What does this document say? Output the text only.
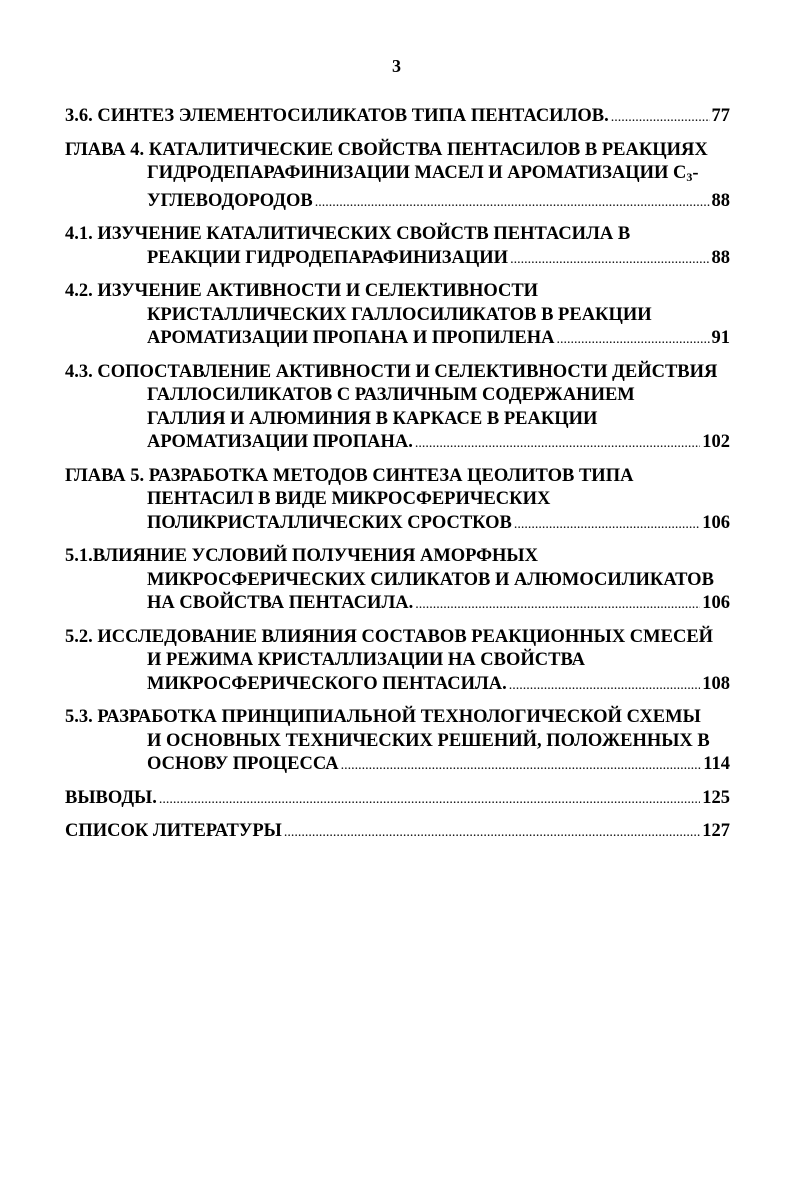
3
3.6. СИНТЕЗ ЭЛЕМЕНТОСИЛИКАТОВ ТИПА ПЕНТАСИЛОВ. .....	77
ГЛАВА 4. КАТАЛИТИЧЕСКИЕ СВОЙСТВА ПЕНТАСИЛОВ В РЕАКЦИЯХ
ГИДРОДЕПАРАФИНИЗАЦИИ МАСЕЛ И АРОМАТИЗАЦИИ $С_3-$
УГЛЕВОДОРОДОВ .....	88
4.1. ИЗУЧЕНИЕ КАТАЛИТИЧЕСКИХ СВОЙСТВ ПЕНТАСИЛА В
РЕАКЦИИ ГИДРОДЕПАРАФИНИЗАЦИИ .....	88
4.2. ИЗУЧЕНИЕ АКТИВНОСТИ И СЕЛЕКТИВНОСТИ
КРИСТАЛЛИЧЕСКИХ ГАЛЛОСИЛИКАТОВ В РЕАКЦИИ
АРОМАТИЗАЦИИ ПРОПАНА И ПРОПИЛЕНА .....	91
4.3. СОПОСТАВЛЕНИЕ АКТИВНОСТИ И СЕЛЕКТИВНОСТИ ДЕЙСТВИЯ
ГАЛЛОСИЛИКАТОВ С РАЗЛИЧНЫМ СОДЕРЖАНИЕМ
ГАЛЛИЯ И АЛЮМИНИЯ В КАРКАСЕ В РЕАКЦИИ
АРОМАТИЗАЦИИ ПРОПАНА. .....	102
ГЛАВА 5. РАЗРАБОТКА МЕТОДОВ СИНТЕЗА ЦЕОЛИТОВ ТИПА
ПЕНТАСИЛ В ВИДЕ МИКРОСФЕРИЧЕСКИХ
ПОЛИКРИСТАЛЛИЧЕСКИХ СРОСТКОВ .....	106
5.1.ВЛИЯНИЕ УСЛОВИЙ ПОЛУЧЕНИЯ АМОРФНЫХ
МИКРОСФЕРИЧЕСКИХ СИЛИКАТОВ И АЛЮМОСИЛИКАТОВ
НА СВОЙСТВА ПЕНТАСИЛА. .....	106
5.2. ИССЛЕДОВАНИЕ ВЛИЯНИЯ СОСТАВОВ РЕАКЦИОННЫХ СМЕСЕЙ
И РЕЖИМА КРИСТАЛЛИЗАЦИИ НА СВОЙСТВА
МИКРОСФЕРИЧЕСКОГО ПЕНТАСИЛА. .....	108
5.3. РАЗРАБОТКА ПРИНЦИПИАЛЬНОЙ ТЕХНОЛОГИЧЕСКОЙ СХЕМЫ
И ОСНОВНЫХ ТЕХНИЧЕСКИХ РЕШЕНИЙ, ПОЛОЖЕННЫХ В
ОСНОВУ ПРОЦЕССА .....	114
ВЫВОДЫ. .....	125
СПИСОК ЛИТЕРАТУРЫ .....	127
